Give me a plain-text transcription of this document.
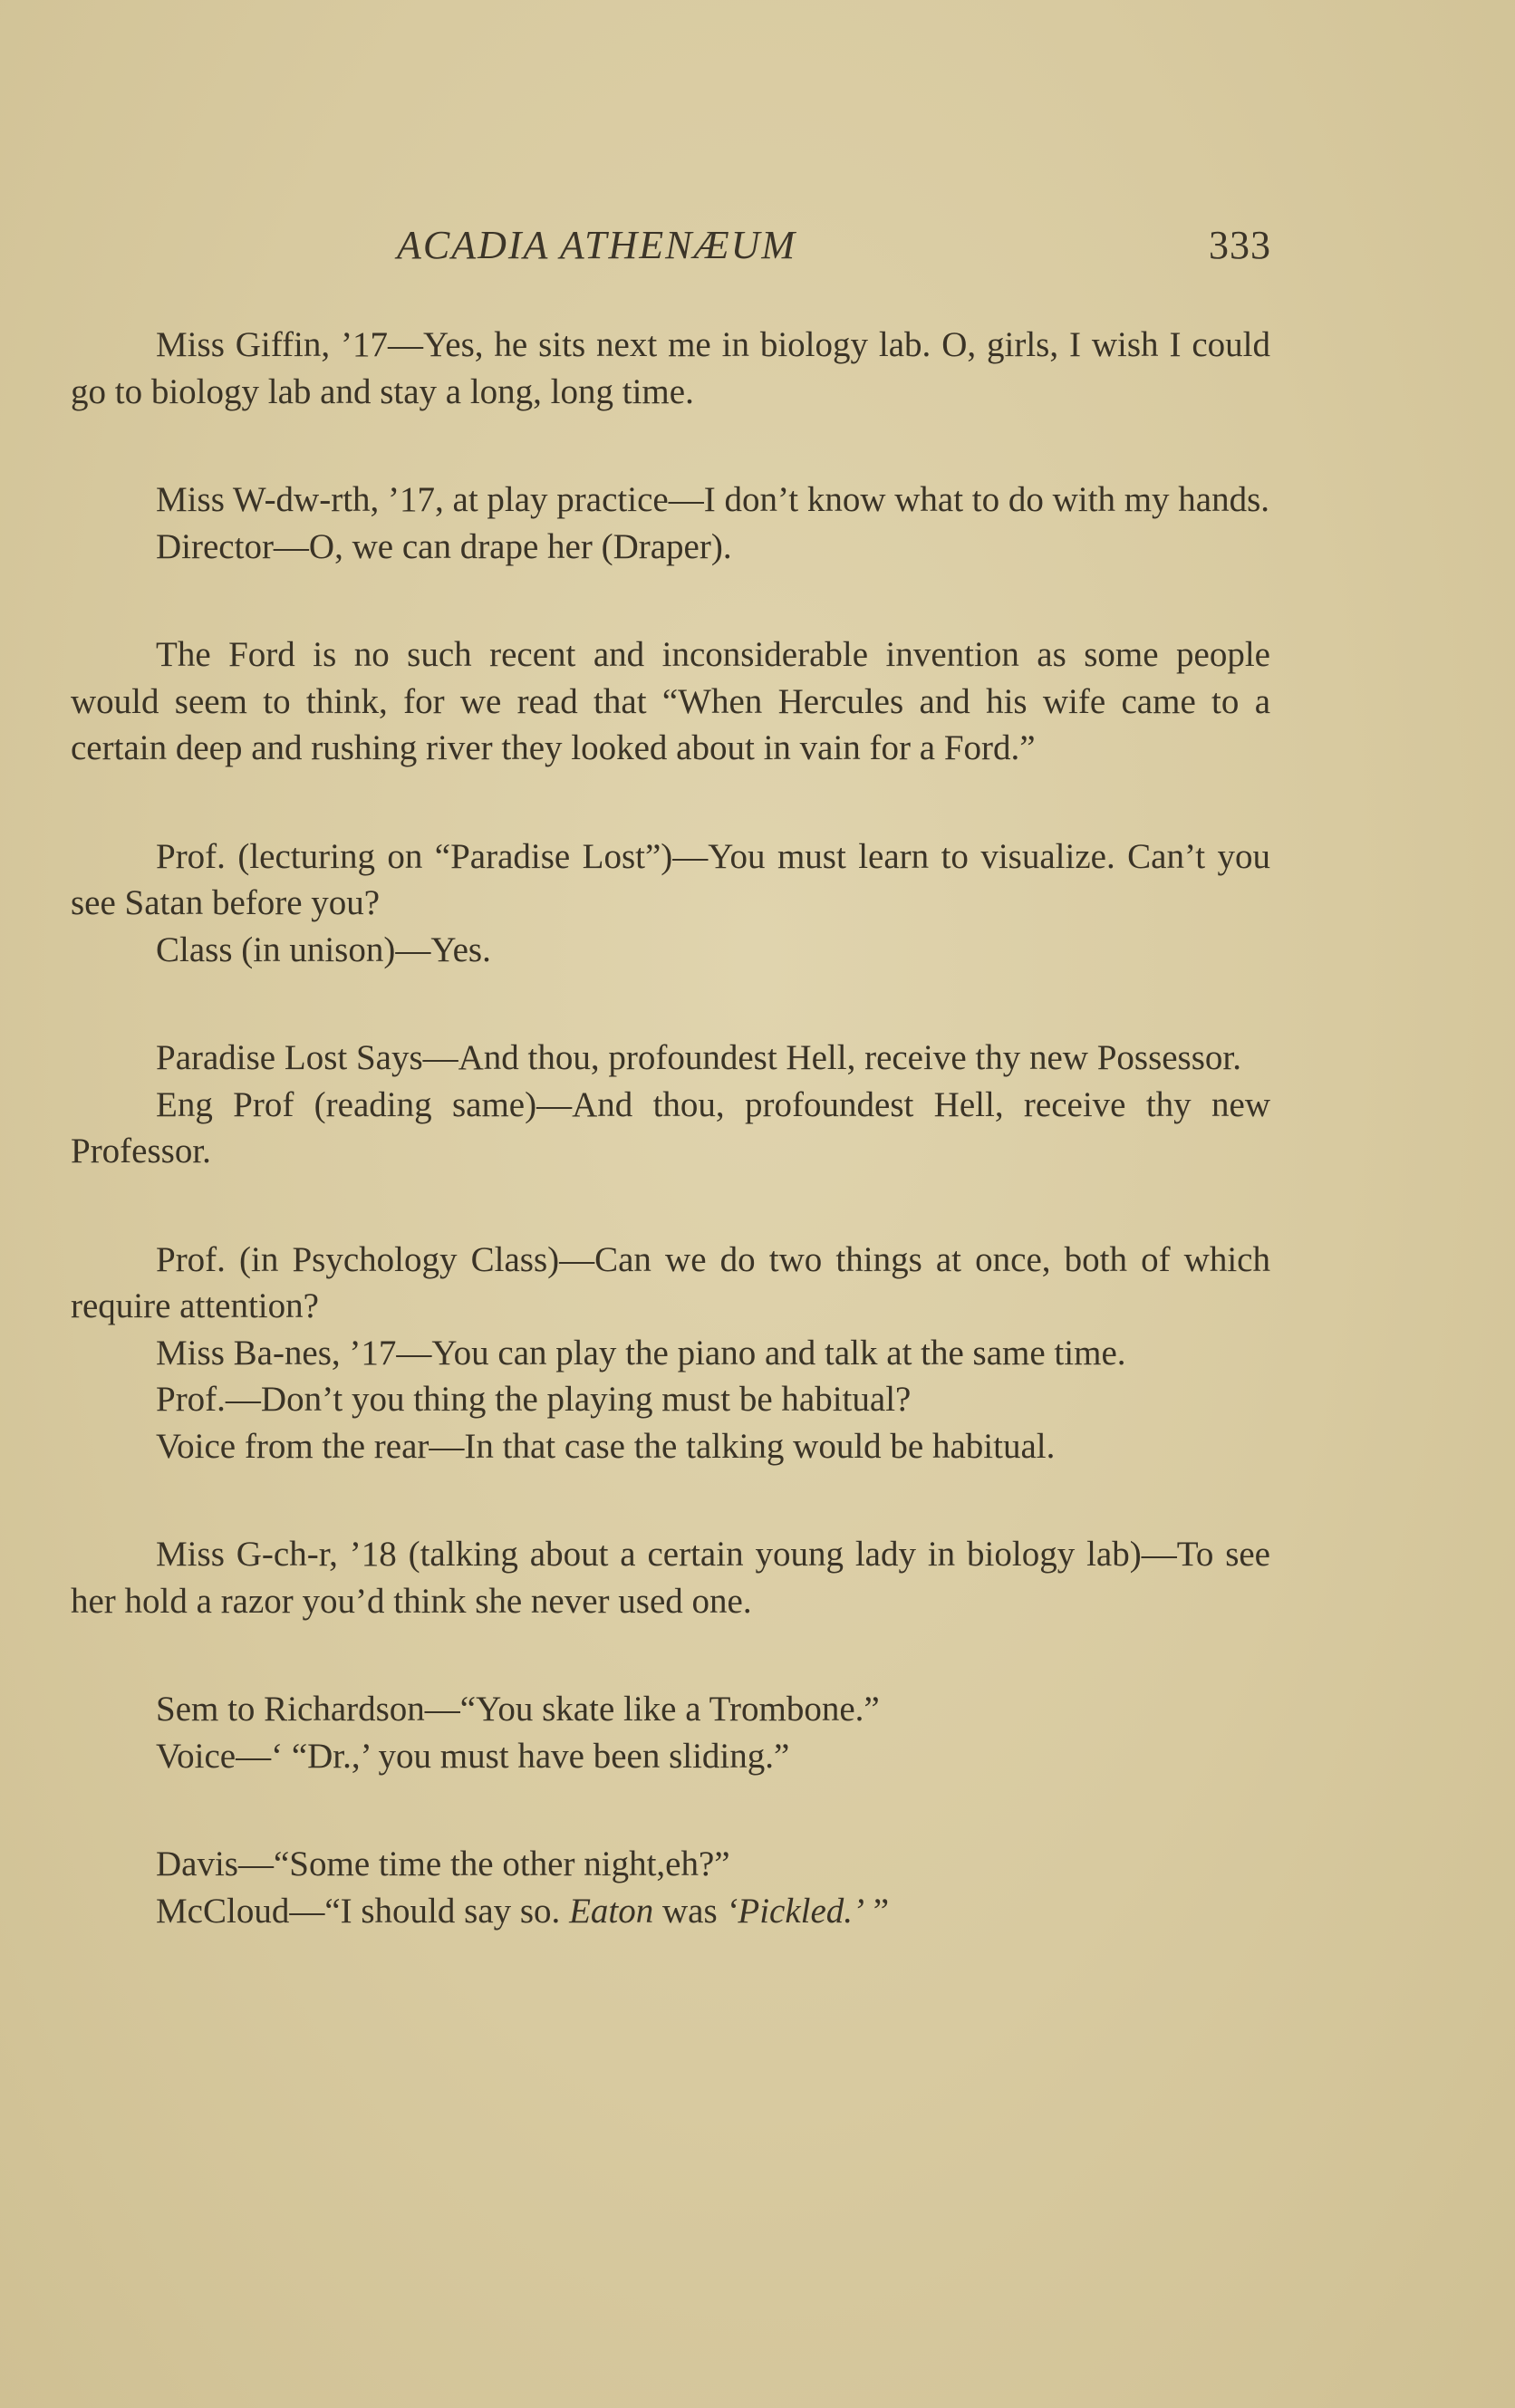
ACADIA ATHENÆUM	333

Miss Giffin, ’17—Yes, he sits next me in biology lab. O, girls, I wish I could go to biology lab and stay a long, long time.

Miss W-dw-rth, ’17, at play practice—I don’t know what to do with my hands.

Director—O, we can drape her (Draper).

The Ford is no such recent and inconsiderable invention as some people would seem to think, for we read that “When Hercules and his wife came to a certain deep and rushing river they looked about in vain for a Ford.”

Prof. (lecturing on “Paradise Lost”)—You must learn to visualize. Can’t you see Satan before you?

Class (in unison)—Yes.

Paradise Lost Says—And thou, profoundest Hell, receive thy new Possessor.

Eng Prof (reading same)—And thou, profoundest Hell, receive thy new Professor.

Prof. (in Psychology Class)—Can we do two things at once, both of which require attention?

Miss Ba-nes, ’17—You can play the piano and talk at the same time.

Prof.—Don’t you thing the playing must be habitual?

Voice from the rear—In that case the talking would be habitual.

Miss G-ch-r, ’18 (talking about a certain young lady in biology lab)—To see her hold a razor you’d think she never used one.

Sem to Richardson—“You skate like a Trombone.”

Voice—‘ “Dr.,’ you must have been sliding.”

Davis—“Some time the other night,eh?”

McCloud—“I should say so. Eaton was ‘Pickled.’ ”
